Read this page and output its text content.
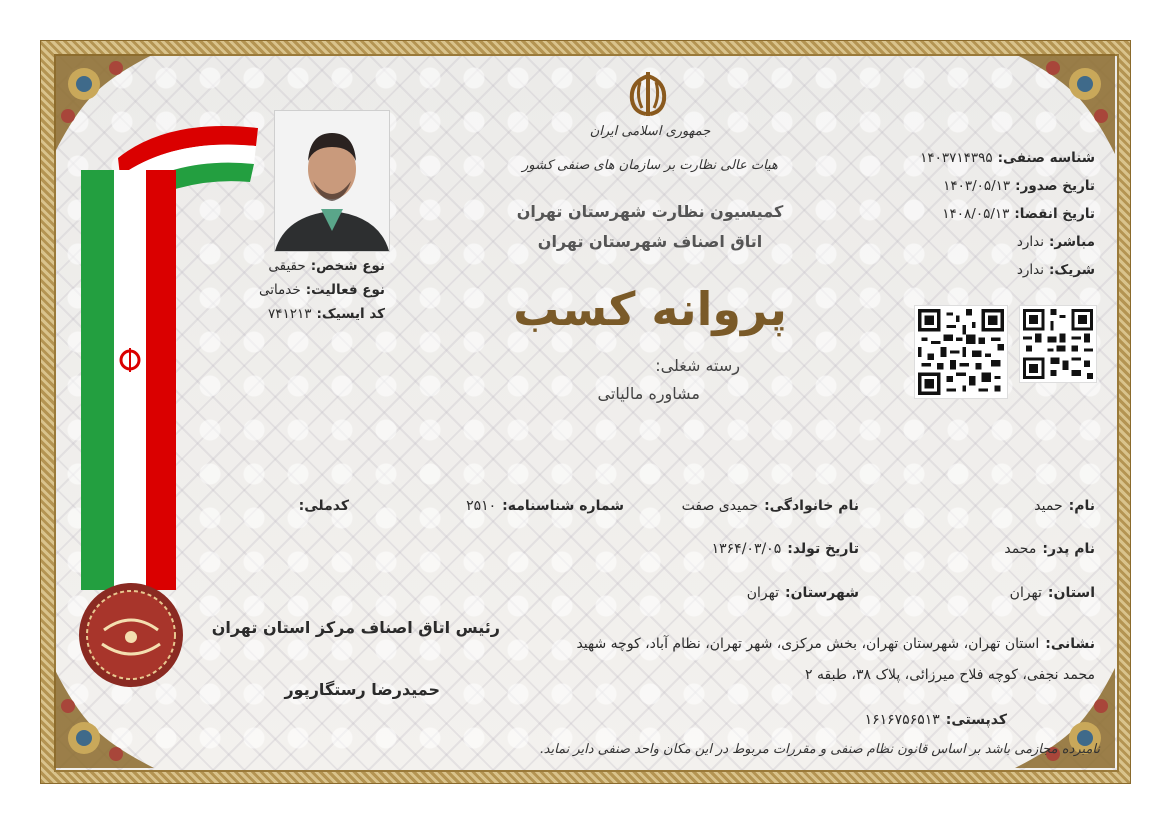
نوع شخص:
حقیقی
نوع فعالیت:
خدماتی
کد ایسیک:
۷۴۱۲۱۳
جمهوری اسلامی ایران
هیات عالی نظارت بر سازمان های صنفی کشور
کمیسیون نظارت شهرستان تهران
اتاق اصناف شهرستان تهران
پروانه کسب
رسته شغلی:
مشاوره مالیاتی
شناسه صنفی:
۱۴۰۳۷۱۴۳۹۵
تاریخ صدور:
۱۴۰۳/۰۵/۱۳
تاریخ انقضا:
۱۴۰۸/۰۵/۱۳
مباشر:
ندارد
شریک:
ندارد
نام:
حمید
نام خانوادگی:
حمیدی صفت
شماره شناسنامه:
۲۵۱۰
کدملی:
نام پدر:
محمد
تاریخ تولد:
۱۳۶۴/۰۳/۰۵
استان:
تهران
شهرستان:
تهران
نشانی:
استان تهران، شهرستان تهران، بخش مرکزی، شهر تهران، نظام آباد، کوچه شهید
محمد نجفی، کوچه فلاح میرزائی، پلاک ۳۸، طبقه ۲
کدپستی:
۱۶۱۶۷۵۶۵۱۳
رئیس اتاق اصناف مرکز استان تهران
حمیدرضا رستگارپور
نامبرده مجازمی باشد بر اساس قانون نظام صنفی و مقررات مربوط در این مکان واحد صنفی دایر نماید.
